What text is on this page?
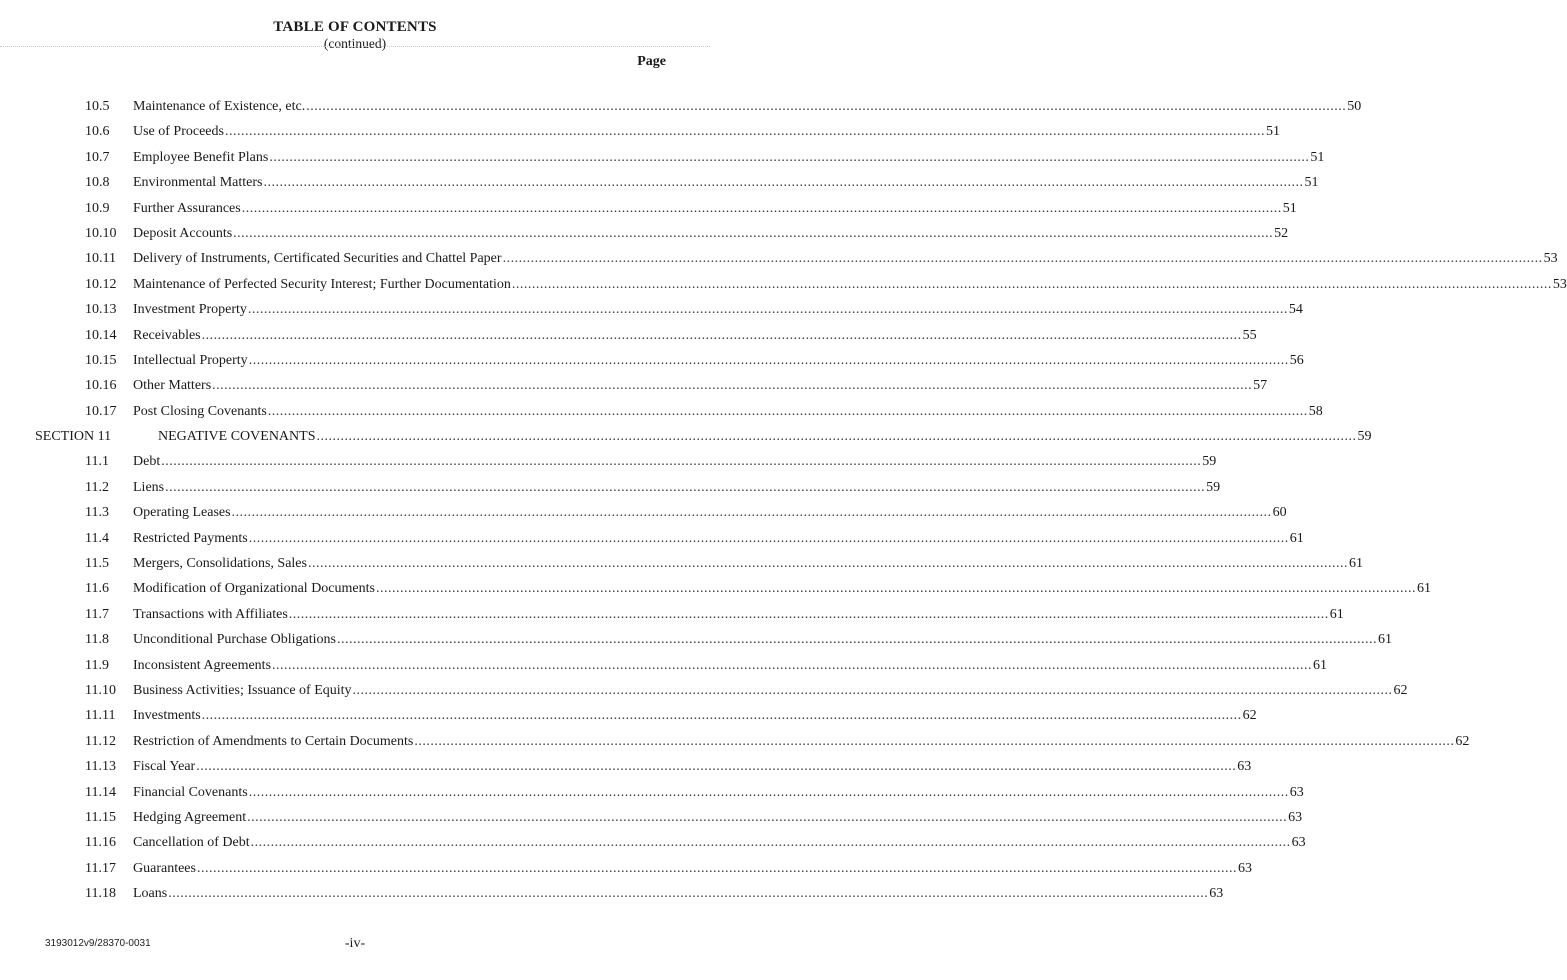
TABLE OF CONTENTS
(continued)
Page
10.5 Maintenance of Existence, etc. .................................................................................................................................................................................................................................................................... 50
10.6 Use of Proceeds .................................................................................................................................................................................................................................................................... 51
10.7 Employee Benefit Plans .................................................................................................................................................................................................................................................................... 51
10.8 Environmental Matters .................................................................................................................................................................................................................................................................... 51
10.9 Further Assurances .................................................................................................................................................................................................................................................................... 51
10.10 Deposit Accounts .................................................................................................................................................................................................................................................................... 52
10.11 Delivery of Instruments, Certificated Securities and Chattel Paper .................................................................................................................................................................................................................................................................... 53
10.12 Maintenance of Perfected Security Interest; Further Documentation .................................................................................................................................................................................................................................................................... 53
10.13 Investment Property .................................................................................................................................................................................................................................................................... 54
10.14 Receivables .................................................................................................................................................................................................................................................................... 55
10.15 Intellectual Property .................................................................................................................................................................................................................................................................... 56
10.16 Other Matters .................................................................................................................................................................................................................................................................... 57
10.17 Post Closing Covenants .................................................................................................................................................................................................................................................................... 58
SECTION 11	NEGATIVE COVENANTS .................................................................................................................................................................................................................................................................... 59
11.1 Debt .................................................................................................................................................................................................................................................................... 59
11.2 Liens .................................................................................................................................................................................................................................................................... 59
11.3 Operating Leases .................................................................................................................................................................................................................................................................... 60
11.4 Restricted Payments .................................................................................................................................................................................................................................................................... 61
11.5 Mergers, Consolidations, Sales .................................................................................................................................................................................................................................................................... 61
11.6 Modification of Organizational Documents .................................................................................................................................................................................................................................................................... 61
11.7 Transactions with Affiliates .................................................................................................................................................................................................................................................................... 61
11.8 Unconditional Purchase Obligations .................................................................................................................................................................................................................................................................... 61
11.9 Inconsistent Agreements .................................................................................................................................................................................................................................................................... 61
11.10 Business Activities; Issuance of Equity .................................................................................................................................................................................................................................................................... 62
11.11 Investments .................................................................................................................................................................................................................................................................... 62
11.12 Restriction of Amendments to Certain Documents .................................................................................................................................................................................................................................................................... 62
11.13 Fiscal Year .................................................................................................................................................................................................................................................................... 63
11.14 Financial Covenants .................................................................................................................................................................................................................................................................... 63
11.15 Hedging Agreement .................................................................................................................................................................................................................................................................... 63
11.16 Cancellation of Debt .................................................................................................................................................................................................................................................................... 63
11.17 Guarantees .................................................................................................................................................................................................................................................................... 63
11.18 Loans .................................................................................................................................................................................................................................................................... 63
3193012v9/28370-0031	-iv-
